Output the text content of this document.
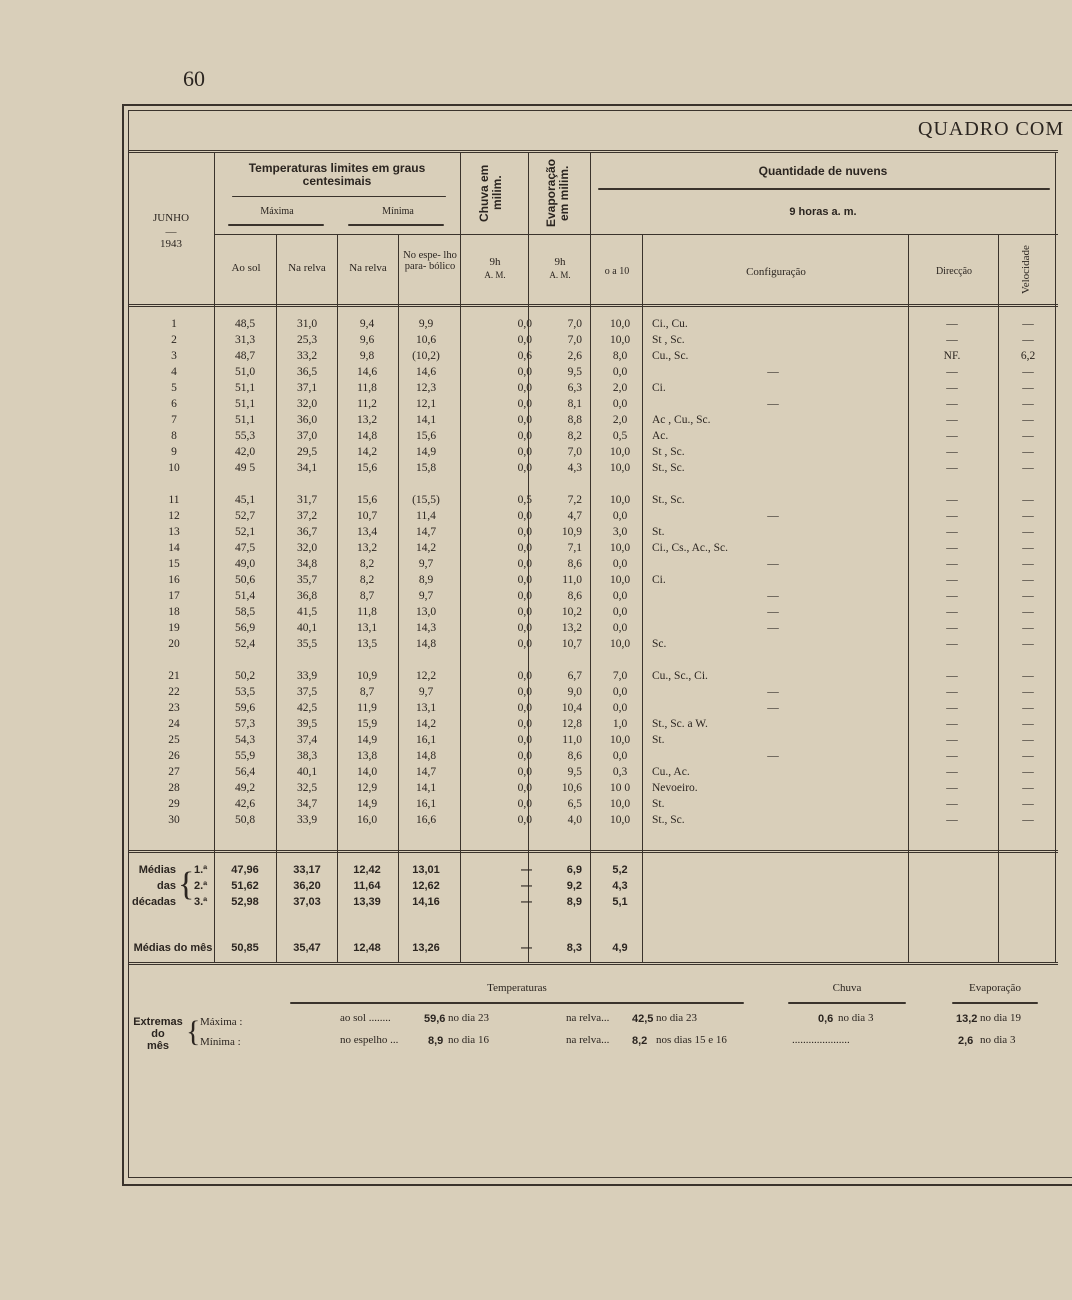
60
QUADRO COM
JUNHO
—
1943
Temperaturas limites em graus centesimais
Máxima	Mínima
Ao sol	Na relva	Na relva
No espe- lho para- bólico
Chuva em milim.	Evaporação em milim.
9h
A. M.
9h
A. M.
Quantidade de nuvens
9 horas a. m.
o a 10	Configuração	Direcção	Velocidade
1	48,5	31,0	9,4	9,9	0,0	7,0	10,0	Ci., Cu.	—	—
2	31,3	25,3	9,6	10,6	0,0	7,0	10,0	St , Sc.	—	—
3	48,7	33,2	9,8	(10,2)	0,6	2,6	8,0	Cu., Sc.	NF.	6,2
4	51,0	36,5	14,6	14,6	0,0	9,5	0,0	—	—	—
5	51,1	37,1	11,8	12,3	0,0	6,3	2,0	Ci.	—	—
6	51,1	32,0	11,2	12,1	0,0	8,1	0,0	—	—	—
7	51,1	36,0	13,2	14,1	0,0	8,8	2,0	Ac , Cu., Sc.	—	—
8	55,3	37,0	14,8	15,6	0,0	8,2	0,5	Ac.	—	—
9	42,0	29,5	14,2	14,9	0,0	7,0	10,0	St , Sc.	—	—
10	49 5	34,1	15,6	15,8	0,0	4,3	10,0	St., Sc.	—	—
11	45,1	31,7	15,6	(15,5)	0,5	7,2	10,0	St., Sc.	—	—
12	52,7	37,2	10,7	11,4	0,0	4,7	0,0	—	—	—
13	52,1	36,7	13,4	14,7	0,0	10,9	3,0	St.	—	—
14	47,5	32,0	13,2	14,2	0,0	7,1	10,0	Ci., Cs., Ac., Sc.	—	—
15	49,0	34,8	8,2	9,7	0,0	8,6	0,0	—	—	—
16	50,6	35,7	8,2	8,9	0,0	11,0	10,0	Ci.	—	—
17	51,4	36,8	8,7	9,7	0,0	8,6	0,0	—	—	—
18	58,5	41,5	11,8	13,0	0,0	10,2	0,0	—	—	—
19	56,9	40,1	13,1	14,3	0,0	13,2	0,0	—	—	—
20	52,4	35,5	13,5	14,8	0,0	10,7	10,0	Sc.	—	—
21	50,2	33,9	10,9	12,2	0,0	6,7	7,0	Cu., Sc., Ci.	—	—
22	53,5	37,5	8,7	9,7	0,0	9,0	0,0	—	—	—
23	59,6	42,5	11,9	13,1	0,0	10,4	0,0	—	—	—
24	57,3	39,5	15,9	14,2	0,0	12,8	1,0	St., Sc. a W.	—	—
25	54,3	37,4	14,9	16,1	0,0	11,0	10,0	St.	—	—
26	55,9	38,3	13,8	14,8	0,0	8,6	0,0	—	—	—
27	56,4	40,1	14,0	14,7	0,0	9,5	0,3	Cu., Ac.	—	—
28	49,2	32,5	12,9	14,1	0,0	10,6	10 0	Nevoeiro.	—	—
29	42,6	34,7	14,9	16,1	0,0	6,5	10,0	St.	—	—
30	50,8	33,9	16,0	16,6	0,0	4,0	10,0	St., Sc.	—	—
—	—	—	—	—	—	—	—	—	—	—
Médias
das
décadas { 1.ª
2.ª
3.ª
47,96	33,17	12,42	13,01	—	6,9	5,2
51,62	36,20	11,64	12,62	—	9,2	4,3
52,98	37,03	13,39	14,16	—	8,9	5,1
Médias do mês	50,85	35,47	12,48	13,26	—	8,3	4,9
Temperaturas	Chuva	Evaporação
Extremas
do
mês { Máxima :
Mínima :
ao sol ........	59,6 no dia 23	na relva... 42,5 no dia 23	0,6 no dia 3	13,2 no dia 19
no espelho ...	8,9 no dia 16	na relva... 8,2 nos dias 15 e 16	.....................	2,6 no dia 3
